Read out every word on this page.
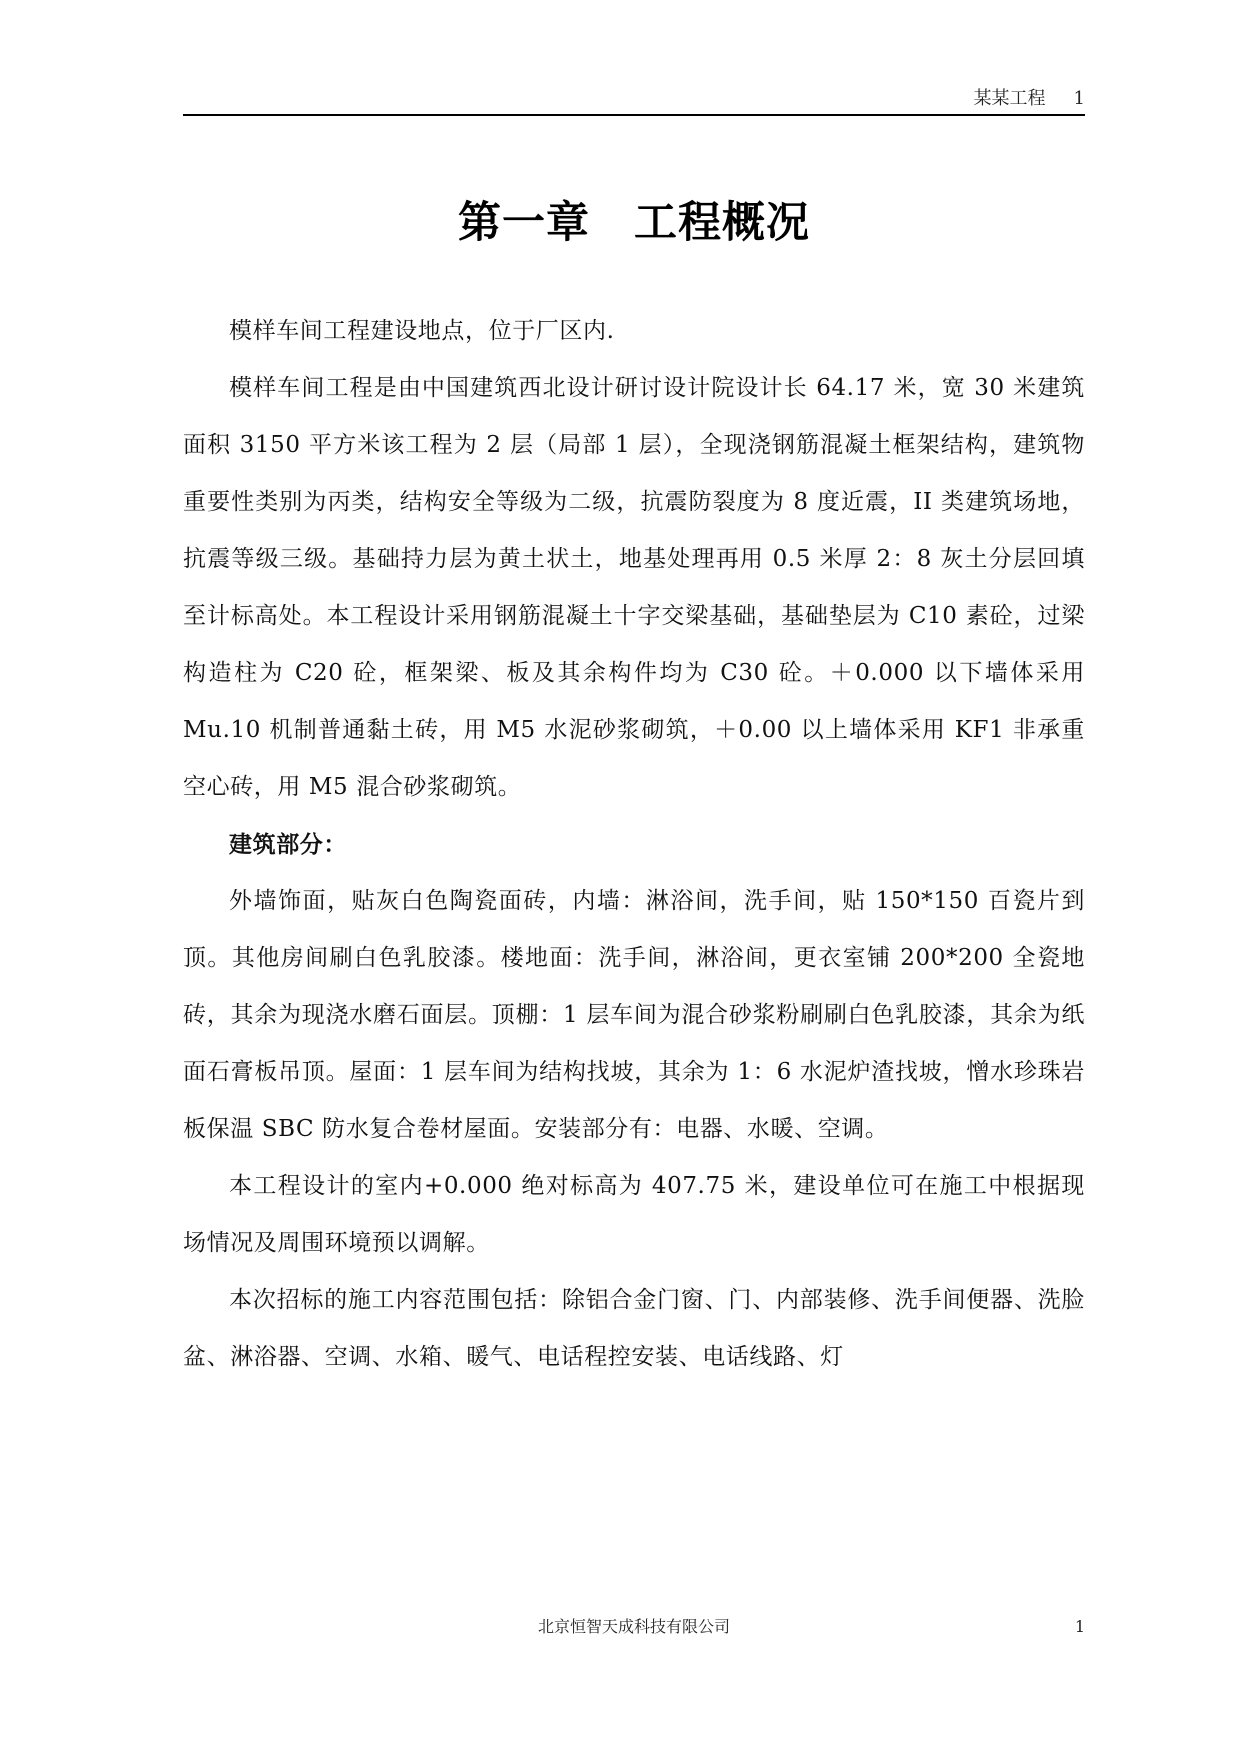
某某工程 1
第一章　工程概况

模样车间工程建设地点，位于厂区内.

模样车间工程是由中国建筑西北设计研讨设计院设计长 64.17 米，宽 30 米建筑面积 3150 平方米该工程为 2 层（局部 1 层），全现浇钢筋混凝土框架结构，建筑物重要性类别为丙类，结构安全等级为二级，抗震防裂度为 8 度近震，II 类建筑场地，抗震等级三级。基础持力层为黄土状土，地基处理再用 0.5 米厚 2：8 灰土分层回填至计标高处。本工程设计采用钢筋混凝土十字交梁基础，基础垫层为 C10 素砼，过梁构造柱为 C20 砼，框架梁、板及其余构件均为 C30 砼。＋0.000 以下墙体采用 Mu.10 机制普通黏土砖，用 M5 水泥砂浆砌筑，＋0.00 以上墙体采用 KF1 非承重空心砖，用 M5 混合砂浆砌筑。

建筑部分：

外墙饰面，贴灰白色陶瓷面砖，内墙：淋浴间，洗手间，贴 150*150 百瓷片到顶。其他房间刷白色乳胶漆。楼地面：洗手间，淋浴间，更衣室铺 200*200 全瓷地砖，其余为现浇水磨石面层。顶棚：1 层车间为混合砂浆粉刷刷白色乳胶漆，其余为纸面石膏板吊顶。屋面：1 层车间为结构找坡，其余为 1：6 水泥炉渣找坡，憎水珍珠岩板保温 SBC 防水复合卷材屋面。安装部分有：电器、水暖、空调。

本工程设计的室内+0.000 绝对标高为 407.75 米，建设单位可在施工中根据现场情况及周围环境预以调解。

本次招标的施工内容范围包括：除铝合金门窗、门、内部装修、洗手间便器、洗脸盆、淋浴器、空调、水箱、暖气、电话程控安装、电话线路、灯

北京恒智天成科技有限公司	1
